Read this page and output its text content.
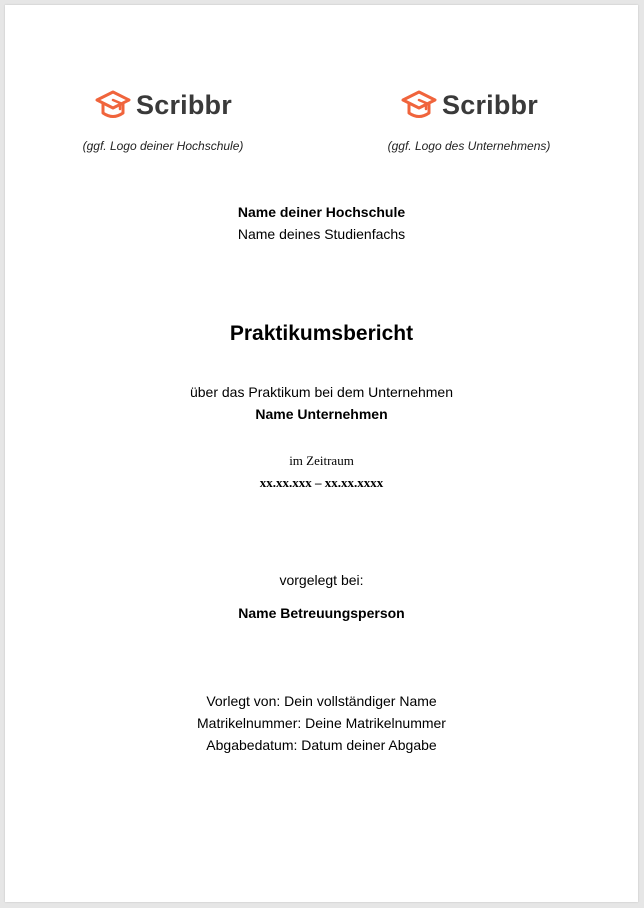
Scribbr
(ggf. Logo deiner Hochschule)
Scribbr
(ggf. Logo des Unternehmens)
Name deiner Hochschule
Name deines Studienfachs
Praktikumsbericht
über das Praktikum bei dem Unternehmen
Name Unternehmen
im Zeitraum
xx.xx.xxx – xx.xx.xxxx
vorgelegt bei:
Name Betreuungsperson
Vorlegt von: Dein vollständiger Name
Matrikelnummer: Deine Matrikelnummer
Abgabedatum: Datum deiner Abgabe
